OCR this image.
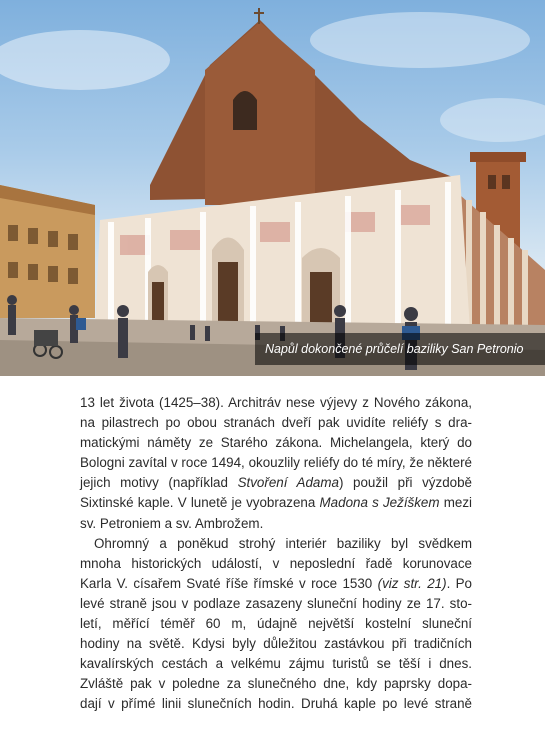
Napůl dokončené průčelí baziliky San Petronio
13 let života (1425–38). Architráv nese výjevy z Nového zákona,
na pilastrech po obou stranách dveří pak uvidíte reliéfy s dra-
matickými náměty ze Starého zákona. Michelangela, který do
Bologni zavítal v roce 1494, okouzlily reliéfy do té míry, že některé
jejich motivy (například Stvoření Adama) použil při výzdobě
Sixtinské kaple. V lunetě je vyobrazena Madona s Ježíškem mezi
sv. Petroniem a sv. Ambrožem.
Ohromný a poněkud strohý interiér baziliky byl svědkem
mnoha historických událostí, v neposlední řadě korunovace
Karla V. císařem Svaté říše římské v roce 1530 (viz str. 21). Po
levé straně jsou v podlaze zasazeny sluneční hodiny ze 17. sto-
letí, měřící téměř 60 m, údajně největší kostelní sluneční
hodiny na světě. Kdysi byly důležitou zastávkou při tradičních
kavalírských cestách a velkému zájmu turistů se těší i dnes.
Zvláště pak v poledne za slunečného dne, kdy paprsky dopa-
dají v přímé linii slunečních hodin. Druhá kaple po levé straně
